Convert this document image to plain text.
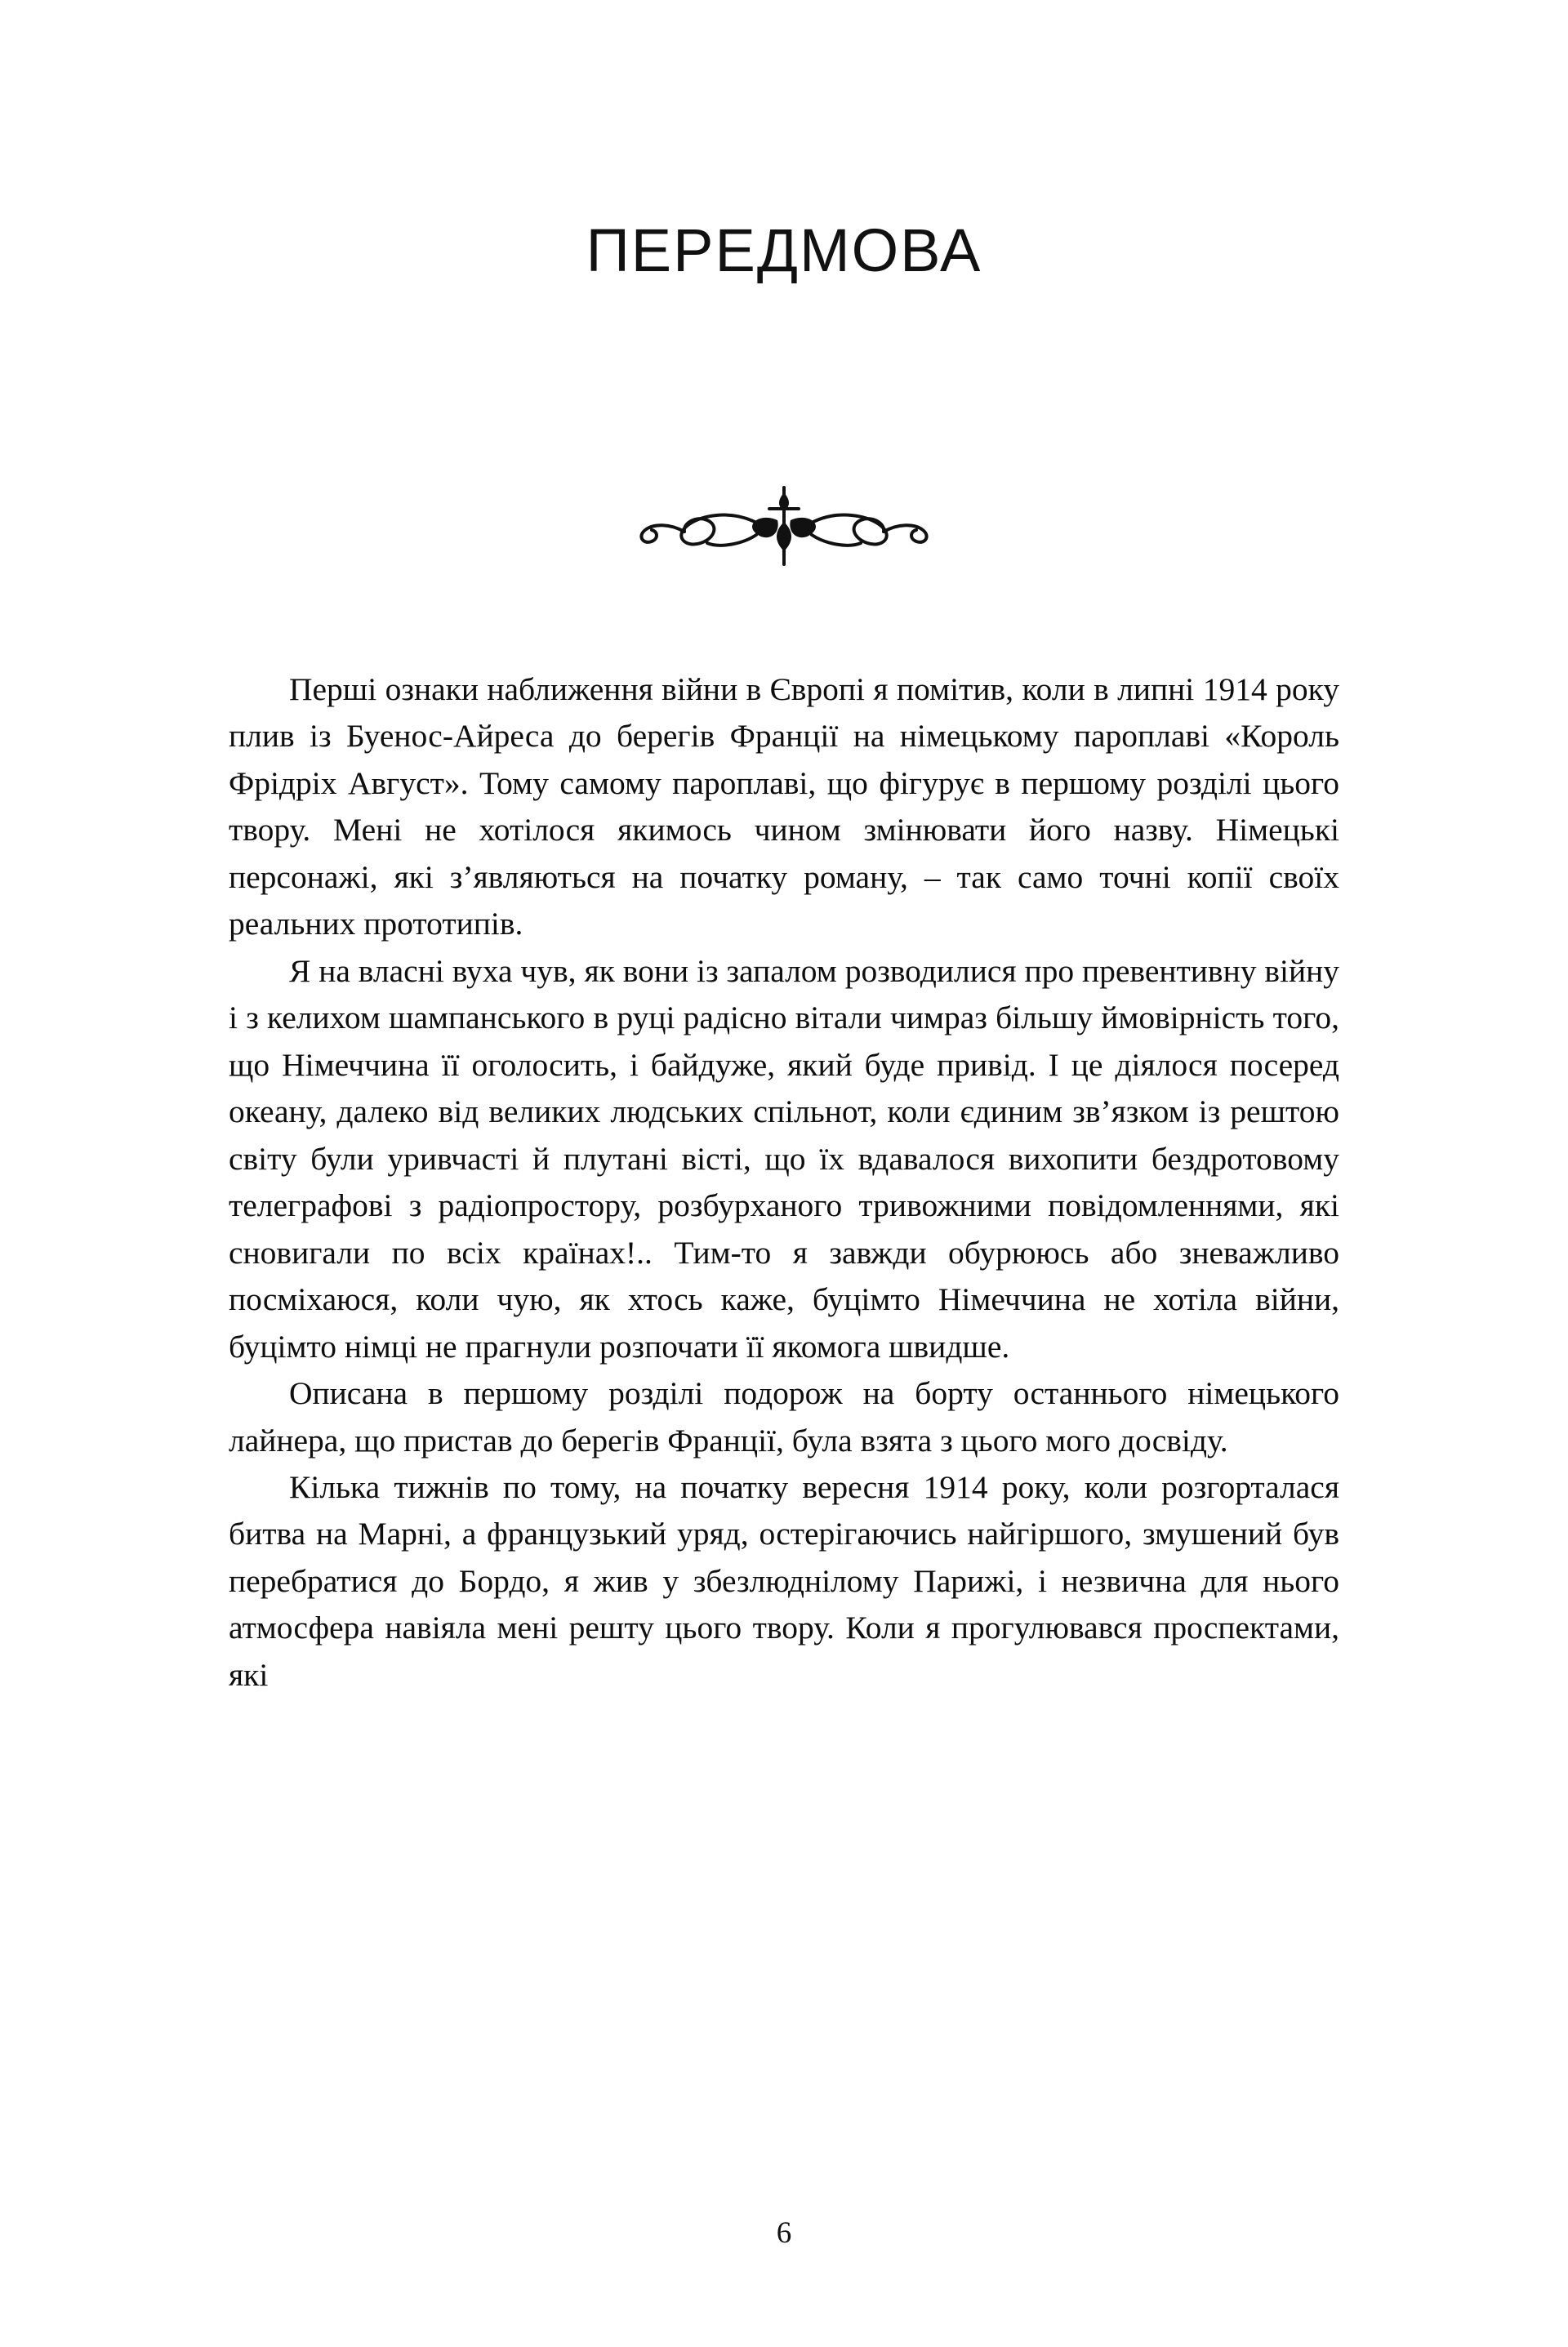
ПЕРЕДМОВА

Перші ознаки наближення війни в Європі я помітив, коли в липні 1914 року плив із Буенос-Айреса до берегів Франції на німецькому пароплаві «Король Фрідріх Август». Тому самому пароплаві, що фігурує в першому розділі цього твору. Мені не хотілося якимось чином змінювати його назву. Німецькі персонажі, які з’являються на початку роману, – так само точні копії своїх реальних прототипів.

Я на власні вуха чув, як вони із запалом розводилися про превентивну війну і з келихом шампанського в руці радісно вітали чимраз більшу ймовірність того, що Німеччина її оголосить, і байдуже, який буде привід. І це діялося посеред океану, далеко від великих людських спільнот, коли єдиним зв’язком із рештою світу були уривчасті й плутані вісті, що їх вдавалося вихопити бездротовому телеграфові з радіопростору, розбурханого тривожними повідомленнями, які сновигали по всіх країнах!.. Тим-то я завжди обурююсь або зневажливо посміхаюся, коли чую, як хтось каже, буцімто Німеччина не хотіла війни, буцімто німці не прагнули розпочати її якомога швидше.

Описана в першому розділі подорож на борту останнього німецького лайнера, що пристав до берегів Франції, була взята з цього мого досвіду.

Кілька тижнів по тому, на початку вересня 1914 року, коли розгорталася битва на Марні, а французький уряд, остерігаючись найгіршого, змушений був перебратися до Бордо, я жив у збезлюднілому Парижі, і незвична для нього атмосфера навіяла мені решту цього твору. Коли я прогулювався проспектами, які

6
